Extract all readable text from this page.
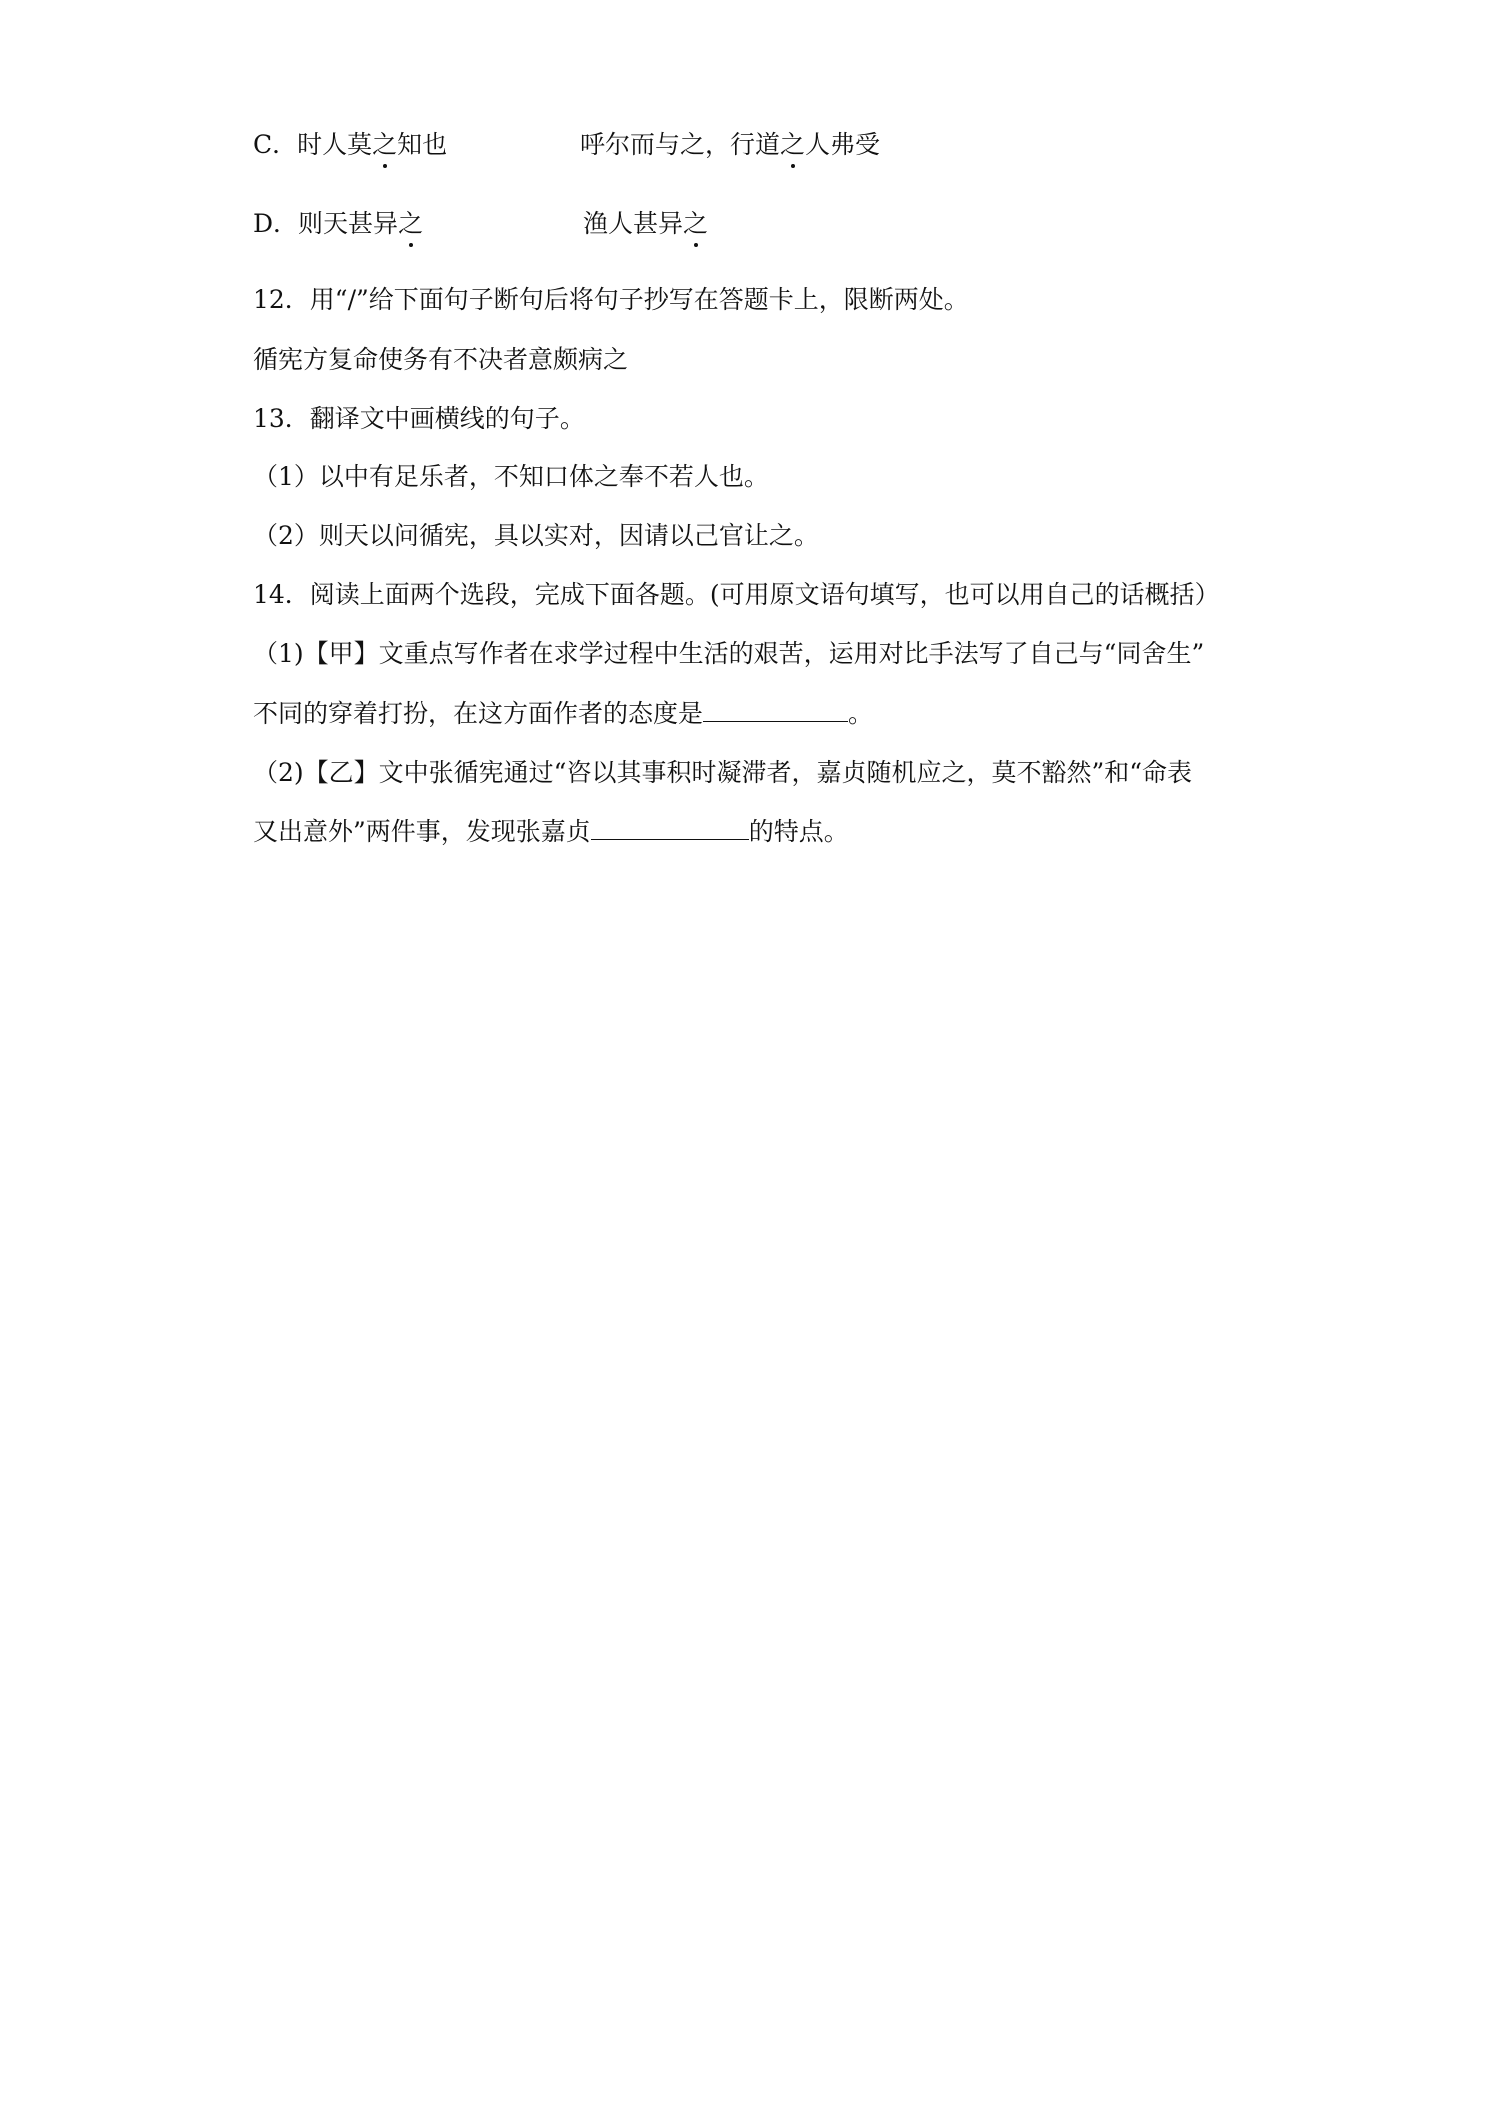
C．时人莫之知也	呼尔而与之，行道之人弗受
D．则天甚异之	渔人甚异之
12．用“/”给下面句子断句后将句子抄写在答题卡上，限断两处。
循宪方复命使务有不决者意颇病之
13．翻译文中画横线的句子。
（1）以中有足乐者，不知口体之奉不若人也。
（2）则天以问循宪，具以实对，因请以己官让之。
14．阅读上面两个选段，完成下面各题。(可用原文语句填写，也可以用自己的话概括）
（1)【甲】文重点写作者在求学过程中生活的艰苦，运用对比手法写了自己与“同舍生”
不同的穿着打扮，在这方面作者的态度是	。
（2)【乙】文中张循宪通过“咨以其事积时凝滞者，嘉贞随机应之，莫不豁然”和“命表
又出意外”两件事，发现张嘉贞	的特点。
